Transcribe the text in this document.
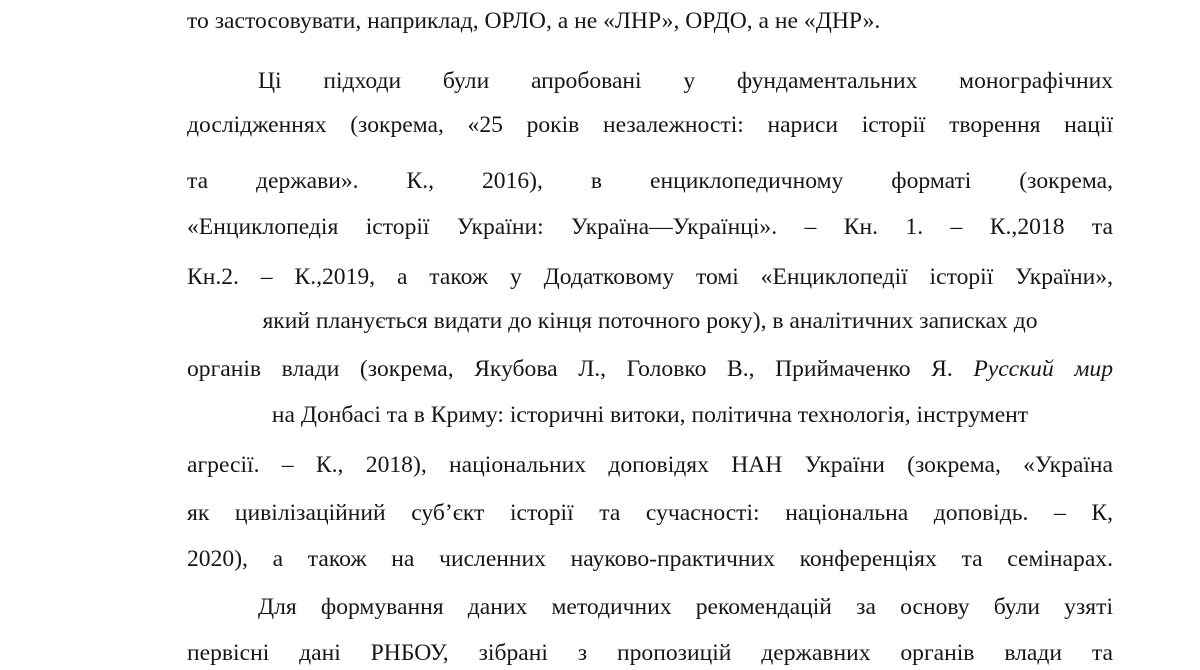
то застосовувати, наприклад, ОРЛО, а не «ЛНР», ОРДО, а не «ДНР».
Ці підходи були апробовані у фундаментальних монографічних
дослідженнях (зокрема, «25 років незалежності: нариси історії творення нації
та держави». К., 2016), в енциклопедичному форматі (зокрема,
«Енциклопедія історії України: Україна—Українці». – Кн. 1. – К.,2018 та
Кн.2. – К.,2019, а також у Додатковому томі «Енциклопедії історії України»,
який планується видати до кінця поточного року), в аналітичних записках до
органів влади (зокрема, Якубова Л., Головко В., Приймаченко Я. Русский мир
на Донбасі та в Криму: історичні витоки, політична технологія, інструмент
агресії. – К., 2018), національних доповідях НАН України (зокрема, «Україна
як цивілізаційний суб’єкт історії та сучасності: національна доповідь. – К,
2020), а також на численних науково-практичних конференціях та семінарах.
Для формування даних методичних рекомендацій за основу були узяті
первісні дані РНБОУ, зібрані з пропозицій державних органів влади та
